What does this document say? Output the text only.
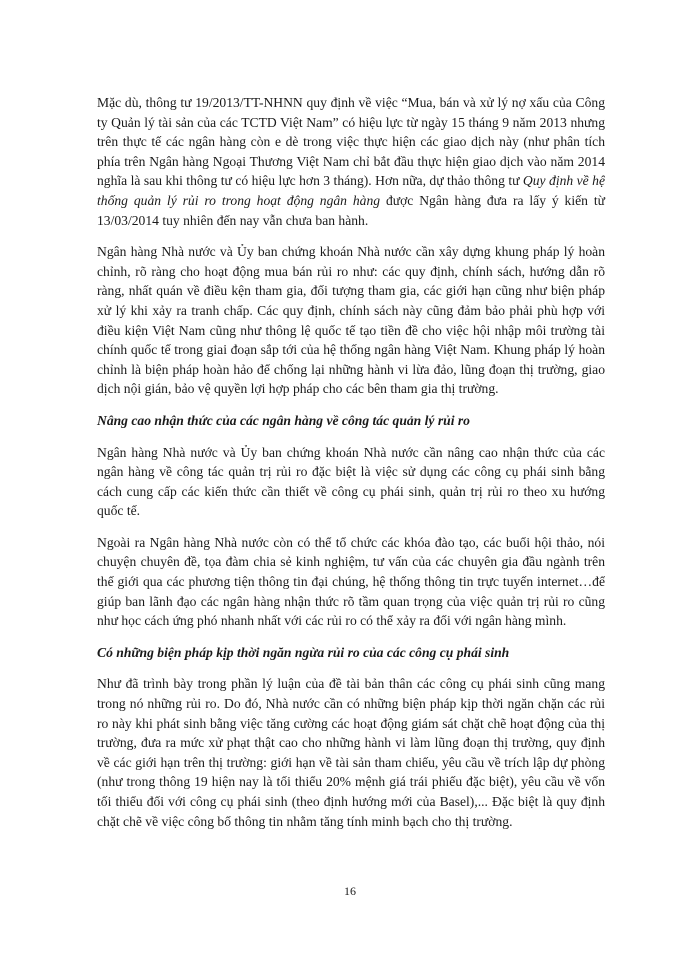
Mặc dù, thông tư 19/2013/TT-NHNN quy định về việc “Mua, bán và xử lý nợ xấu của Công ty Quản lý tài sản của các TCTD Việt Nam” có hiệu lực từ ngày 15 tháng 9 năm 2013 nhưng trên thực tế các ngân hàng còn e dè trong việc thực hiện các giao dịch này (như phân tích phía trên Ngân hàng Ngoại Thương Việt Nam chỉ bắt đầu thực hiện giao dịch vào năm 2014 nghĩa là sau khi thông tư có hiệu lực hơn 3 tháng). Hơn nữa, dự thảo thông tư Quy định về hệ thống quản lý rủi ro trong hoạt động ngân hàng được Ngân hàng đưa ra lấy ý kiến từ 13/03/2014 tuy nhiên đến nay vẫn chưa ban hành.

Ngân hàng Nhà nước và Ủy ban chứng khoán Nhà nước cần xây dựng khung pháp lý hoàn chỉnh, rõ ràng cho hoạt động mua bán rủi ro như: các quy định, chính sách, hướng dẫn rõ ràng, nhất quán về điều kện tham gia, đối tượng tham gia, các giới hạn cũng như biện pháp xử lý khi xảy ra tranh chấp. Các quy định, chính sách này cũng đảm bảo phải phù hợp với điều kiện Việt Nam cũng như thông lệ quốc tế tạo tiền đề cho việc hội nhập môi trường tài chính quốc tế trong giai đoạn sắp tới của hệ thống ngân hàng Việt Nam. Khung pháp lý hoàn chỉnh là biện pháp hoàn hảo để chống lại những hành vi lừa đảo, lũng đoạn thị trường, giao dịch nội gián, bảo vệ quyền lợi hợp pháp cho các bên tham gia thị trường.

Nâng cao nhận thức của các ngân hàng về công tác quản lý rủi ro

Ngân hàng Nhà nước và Ủy ban chứng khoán Nhà nước cần nâng cao nhận thức của các ngân hàng về công tác quản trị rủi ro đặc biệt là việc sử dụng các công cụ phái sinh bằng cách cung cấp các kiến thức cần thiết về công cụ phái sinh, quản trị rủi ro theo xu hướng quốc tế.

Ngoài ra Ngân hàng Nhà nước còn có thể tổ chức các khóa đào tạo, các buổi hội thảo, nói chuyện chuyên đề, tọa đàm chia sẻ kinh nghiệm, tư vấn của các chuyên gia đầu ngành trên thế giới qua các phương tiện thông tin đại chúng, hệ thống thông tin trực tuyến internet…để giúp ban lãnh đạo các ngân hàng nhận thức rõ tầm quan trọng của việc quản trị rủi ro cũng như học cách ứng phó nhanh nhất với các rủi ro có thể xảy ra đối với ngân hàng mình.

Có những biện pháp kịp thời ngăn ngừa rủi ro của các công cụ phái sinh

Như đã trình bày trong phần lý luận của đề tài bản thân các công cụ phái sinh cũng mang trong nó những rủi ro. Do đó, Nhà nước cần có những biện pháp kịp thời ngăn chặn các rủi ro này khi phát sinh bằng việc tăng cường các hoạt động giám sát chặt chẽ hoạt động của thị trường, đưa ra mức xử phạt thật cao cho những hành vi làm lũng đoạn thị trường, quy định về các giới hạn trên thị trường: giới hạn về tài sản tham chiếu, yêu cầu về trích lập dự phòng (như trong thông 19 hiện nay là tối thiểu 20% mệnh giá trái phiếu đặc biệt), yêu cầu về vốn tối thiểu đối với công cụ phái sinh (theo định hướng mới của Basel),... Đặc biệt là quy định chặt chẽ về việc công bố thông tin nhằm tăng tính minh bạch cho thị trường.

16
